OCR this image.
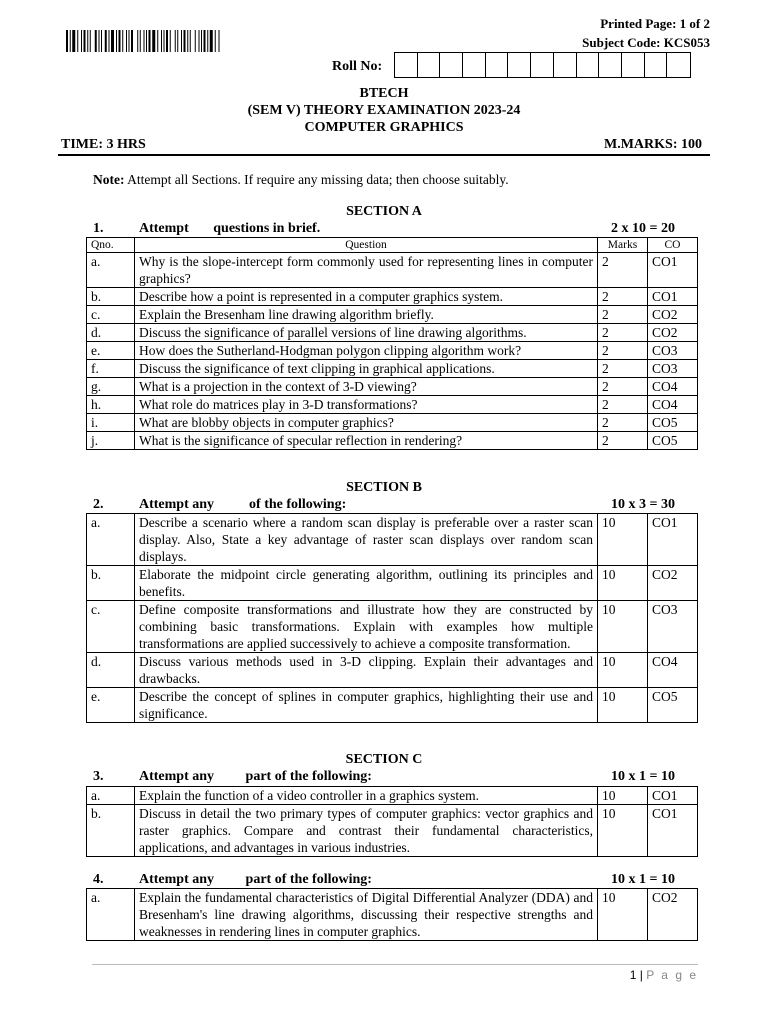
Printed Page: 1 of 2
Subject Code: KCS053
Roll No:
BTECH
(SEM V) THEORY EXAMINATION 2023-24
COMPUTER GRAPHICS
TIME: 3 HRS	M.MARKS: 100
Note: Attempt all Sections. If require any missing data; then choose suitably.
SECTION A
1.	Attempt       questions in brief.	2 x 10 = 20
Qno.	Question	Marks	CO
a.	Why is the slope-intercept form commonly used for representing lines in computer graphics?	2	CO1
b.	Describe how a point is represented in a computer graphics system.	2	CO1
c.	Explain the Bresenham line drawing algorithm briefly.	2	CO2
d.	Discuss the significance of parallel versions of line drawing algorithms.	2	CO2
e.	How does the Sutherland-Hodgman polygon clipping algorithm work?	2	CO3
f.	Discuss the significance of text clipping in graphical applications.	2	CO3
g.	What is a projection in the context of 3-D viewing?	2	CO4
h.	What role do matrices play in 3-D transformations?	2	CO4
i.	What are blobby objects in computer graphics?	2	CO5
j.	What is the significance of specular reflection in rendering?	2	CO5
SECTION B
2.	Attempt any          of the following:	10 x 3 = 30
a.	Describe a scenario where a random scan display is preferable over a raster scan display. Also, State a key advantage of raster scan displays over random scan displays.	10	CO1
b.	Elaborate the midpoint circle generating algorithm, outlining its principles and benefits.	10	CO2
c.	Define composite transformations and illustrate how they are constructed by combining basic transformations. Explain with examples how multiple transformations are applied successively to achieve a composite transformation.	10	CO3
d.	Discuss various methods used in 3-D clipping. Explain their advantages and drawbacks.	10	CO4
e.	Describe the concept of splines in computer graphics, highlighting their use and significance.	10	CO5
SECTION C
3.	Attempt any         part of the following:	10 x 1 = 10
a.	Explain the function of a video controller in a graphics system.	10	CO1
b.	Discuss in detail the two primary types of computer graphics: vector graphics and raster graphics. Compare and contrast their fundamental characteristics, applications, and advantages in various industries.	10	CO1
4.	Attempt any         part of the following:	10 x 1 = 10
a.	Explain the fundamental characteristics of Digital Differential Analyzer (DDA) and Bresenham's line drawing algorithms, discussing their respective strengths and weaknesses in rendering lines in computer graphics.	10	CO2
1 | P a g e
